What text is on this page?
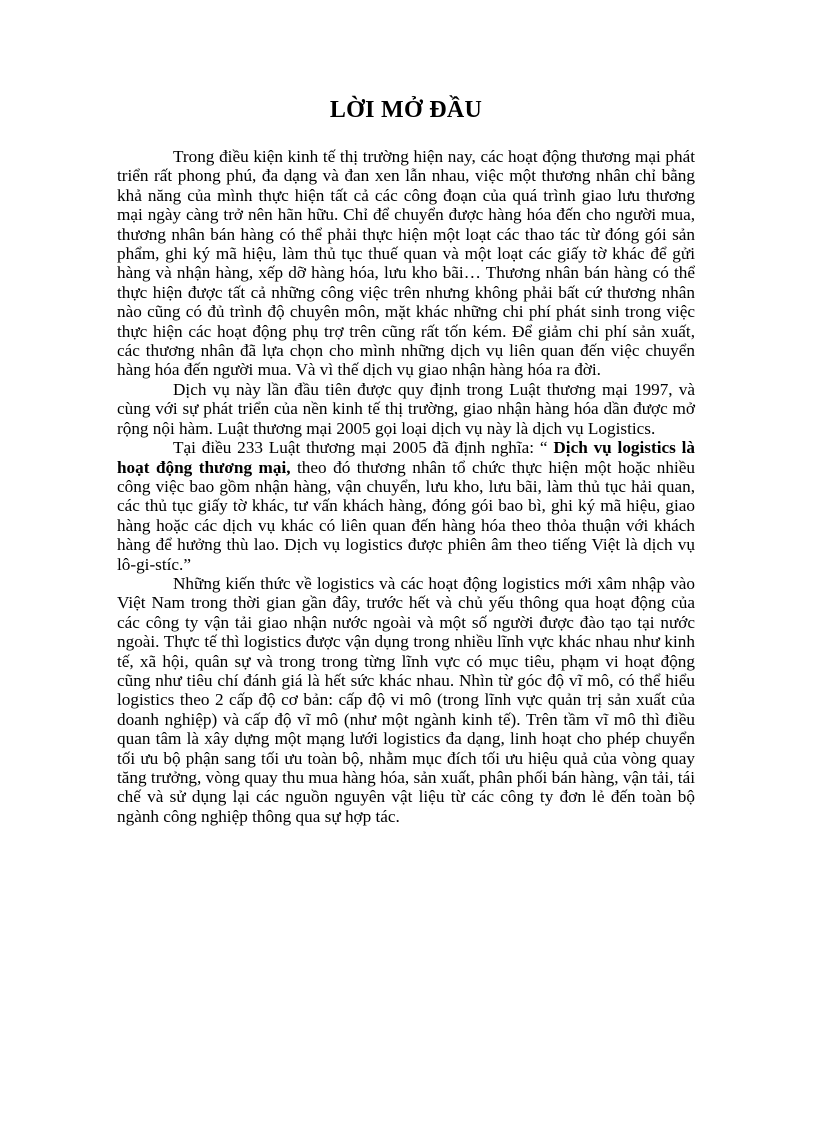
LỜI MỞ ĐẦU

Trong điều kiện kinh tế thị trường hiện nay, các hoạt động thương mại phát triển rất phong phú, đa dạng và đan xen lẫn nhau, việc một thương nhân chỉ bằng khả năng của mình thực hiện tất cả các công đoạn của quá trình giao lưu thương mại ngày càng trở nên hãn hữu. Chỉ để chuyển được hàng hóa đến cho người mua, thương nhân bán hàng có thể phải thực hiện một loạt các thao tác từ đóng gói sản phẩm, ghi ký mã hiệu, làm thủ tục thuế quan và một loạt các giấy tờ khác để gửi hàng và nhận hàng, xếp dỡ hàng hóa, lưu kho bãi… Thương nhân bán hàng có thể thực hiện được tất cả những công việc trên nhưng không phải bất cứ thương nhân nào cũng có đủ trình độ chuyên môn, mặt khác những chi phí phát sinh trong việc thực hiện các hoạt động phụ trợ trên cũng rất tốn kém. Để giảm chi phí sản xuất, các thương nhân đã lựa chọn cho mình những dịch vụ liên quan đến việc chuyển hàng hóa đến người mua. Và vì thế dịch vụ giao nhận hàng hóa ra đời.

Dịch vụ này lần đầu tiên được quy định trong Luật thương mại 1997, và cùng với sự phát triển của nền kinh tế thị trường, giao nhận hàng hóa dần được mở rộng nội hàm. Luật thương mại 2005 gọi loại dịch vụ này là dịch vụ Logistics.

Tại điều 233 Luật thương mại 2005 đã định nghĩa: “ Dịch vụ logistics là hoạt động thương mại, theo đó thương nhân tổ chức thực hiện một hoặc nhiều công việc bao gồm nhận hàng, vận chuyển, lưu kho, lưu bãi, làm thủ tục hải quan, các thủ tục giấy tờ khác, tư vấn khách hàng, đóng gói bao bì, ghi ký mã hiệu, giao hàng hoặc các dịch vụ khác có liên quan đến hàng hóa theo thỏa thuận với khách hàng để hưởng thù lao. Dịch vụ logistics được phiên âm theo tiếng Việt là dịch vụ lô-gi-stíc.”

Những kiến thức về logistics và các hoạt động logistics mới xâm nhập vào Việt Nam trong thời gian gần đây, trước hết và chủ yếu thông qua hoạt động của các công ty vận tải giao nhận nước ngoài và một số người được đào tạo tại nước ngoài. Thực tế thì logistics được vận dụng trong nhiều lĩnh vực khác nhau như kinh tế, xã hội, quân sự và trong trong từng lĩnh vực có mục tiêu, phạm vi hoạt động cũng như tiêu chí đánh giá là hết sức khác nhau. Nhìn từ góc độ vĩ mô, có thể hiểu logistics theo 2 cấp độ cơ bản: cấp độ vi mô (trong lĩnh vực quản trị sản xuất của doanh nghiệp) và cấp độ vĩ mô (như một ngành kinh tế). Trên tầm vĩ mô thì điều quan tâm là xây dựng một mạng lưới logistics đa dạng, linh hoạt cho phép chuyển tối ưu bộ phận sang tối ưu toàn bộ, nhằm mục đích tối ưu hiệu quả của vòng quay tăng trưởng, vòng quay thu mua hàng hóa, sản xuất, phân phối bán hàng, vận tải, tái chế và sử dụng lại các nguồn nguyên vật liệu từ các công ty đơn lẻ đến toàn bộ ngành công nghiệp thông qua sự hợp tác.
